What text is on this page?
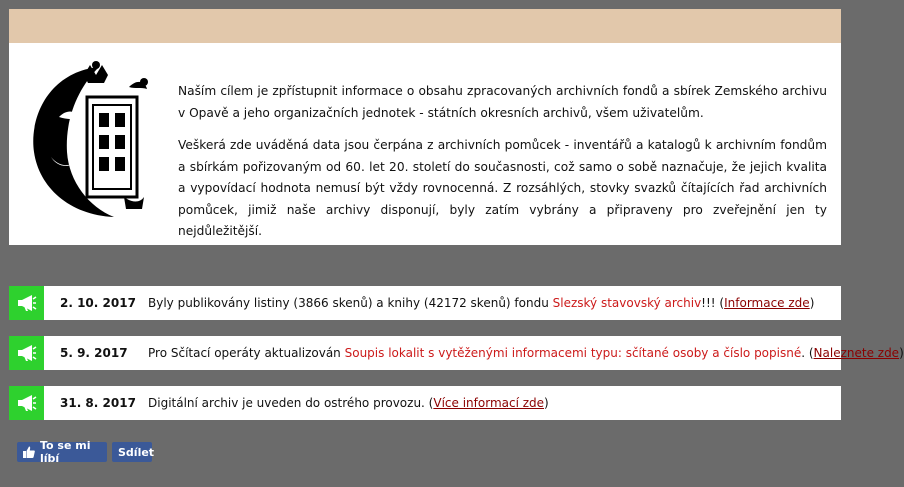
Naším cílem je zpřístupnit informace o obsahu zpracovaných archivních fondů a sbírek Zemského archivu v Opavě a jeho organizačních jednotek - státních okresních archivů, všem uživatelům.

Veškerá zde uváděná data jsou čerpána z archivních pomůcek - inventářů a katalogů k archivním fondům a sbírkám pořizovaným od 60. let 20. století do současnosti, což samo o sobě naznačuje, že jejich kvalita a vypovídací hodnota nemusí být vždy rovnocenná. Z rozsáhlých, stovky svazků čítajících řad archivních pomůcek, jimiž naše archivy disponují, byly zatím vybrány a připraveny pro zveřejnění jen ty nejdůležitější.

2. 10. 2017	Byly publikovány listiny (3866 skenů) a knihy (42172 skenů) fondu Slezský stavovský archiv!!! (Informace zde)
5. 9. 2017	Pro Sčítací operáty aktualizován Soupis lokalit s vytěženými informacemi typu: sčítané osoby a číslo popisné. (Naleznete zde)
31. 8. 2017	Digitální archiv je uveden do ostrého provozu. (Více informací zde)
To se mi líbí	Sdílet
